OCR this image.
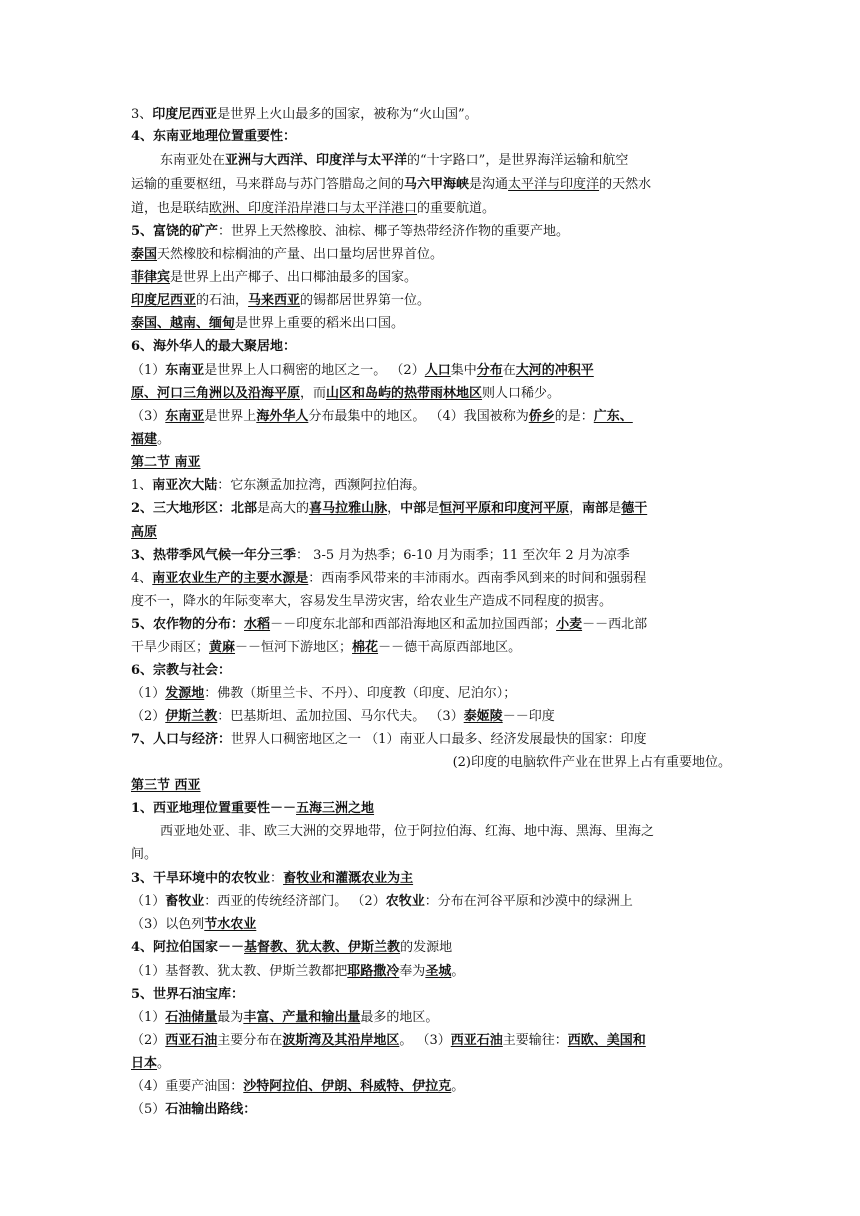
3、印度尼西亚是世界上火山最多的国家，被称为“火山国”。
4、东南亚地理位置重要性：
东南亚处在亚洲与大西洋、印度洋与太平洋的“十字路口”，是世界海洋运输和航空
运输的重要枢纽，马来群岛与苏门答腊岛之间的马六甲海峡是沟通太平洋与印度洋的天然水
道，也是联结欧洲、印度洋沿岸港口与太平洋港口的重要航道。
5、富饶的矿产：世界上天然橡胶、油棕、椰子等热带经济作物的重要产地。
泰国天然橡胶和棕榈油的产量、出口量均居世界首位。
菲律宾是世界上出产椰子、出口椰油最多的国家。
印度尼西亚的石油，马来西亚的锡都居世界第一位。
泰国、越南、缅甸是世界上重要的稻米出口国。
6、海外华人的最大聚居地：
（1）东南亚是世界上人口稠密的地区之一。 （2）人口集中分布在大河的冲积平
原、河口三角洲以及沿海平原，而山区和岛屿的热带雨林地区则人口稀少。
（3）东南亚是世界上海外华人分布最集中的地区。 （4）我国被称为侨乡的是：广东、
福建。
第二节 南亚
1、南亚次大陆：它东濒孟加拉湾，西濒阿拉伯海。
2、三大地形区：北部是高大的喜马拉雅山脉，中部是恒河平原和印度河平原，南部是德干
高原
3、热带季风气候一年分三季： 3-5 月为热季；6-10 月为雨季；11 至次年 2 月为凉季
4、南亚农业生产的主要水源是：西南季风带来的丰沛雨水。西南季风到来的时间和强弱程
度不一，降水的年际变率大，容易发生旱涝灾害，给农业生产造成不同程度的损害。
5、农作物的分布：水稻－－印度东北部和西部沿海地区和孟加拉国西部；小麦－－西北部
干旱少雨区；黄麻－－恒河下游地区；棉花－－德干高原西部地区。
6、宗教与社会：
（1）发源地：佛教（斯里兰卡、不丹）、印度教（印度、尼泊尔）；
（2）伊斯兰教：巴基斯坦、孟加拉国、马尔代夫。 （3）泰姬陵－－印度
7、人口与经济：世界人口稠密地区之一 （1）南亚人口最多、经济发展最快的国家：印度
(2)印度的电脑软件产业在世界上占有重要地位。
第三节 西亚
1、西亚地理位置重要性－－五海三洲之地
西亚地处亚、非、欧三大洲的交界地带，位于阿拉伯海、红海、地中海、黑海、里海之
间。
3、干旱环境中的农牧业：畜牧业和灌溉农业为主
（1）畜牧业：西亚的传统经济部门。 （2）农牧业：分布在河谷平原和沙漠中的绿洲上
（3）以色列节水农业
4、阿拉伯国家－－基督教、犹太教、伊斯兰教的发源地
（1）基督教、犹太教、伊斯兰教都把耶路撒冷奉为圣城。
5、世界石油宝库：
（1）石油储量最为丰富、产量和输出量最多的地区。
（2）西亚石油主要分布在波斯湾及其沿岸地区。 （3）西亚石油主要输往：西欧、美国和
日本。
（4）重要产油国：沙特阿拉伯、伊朗、科威特、伊拉克。
（5）石油输出路线：
